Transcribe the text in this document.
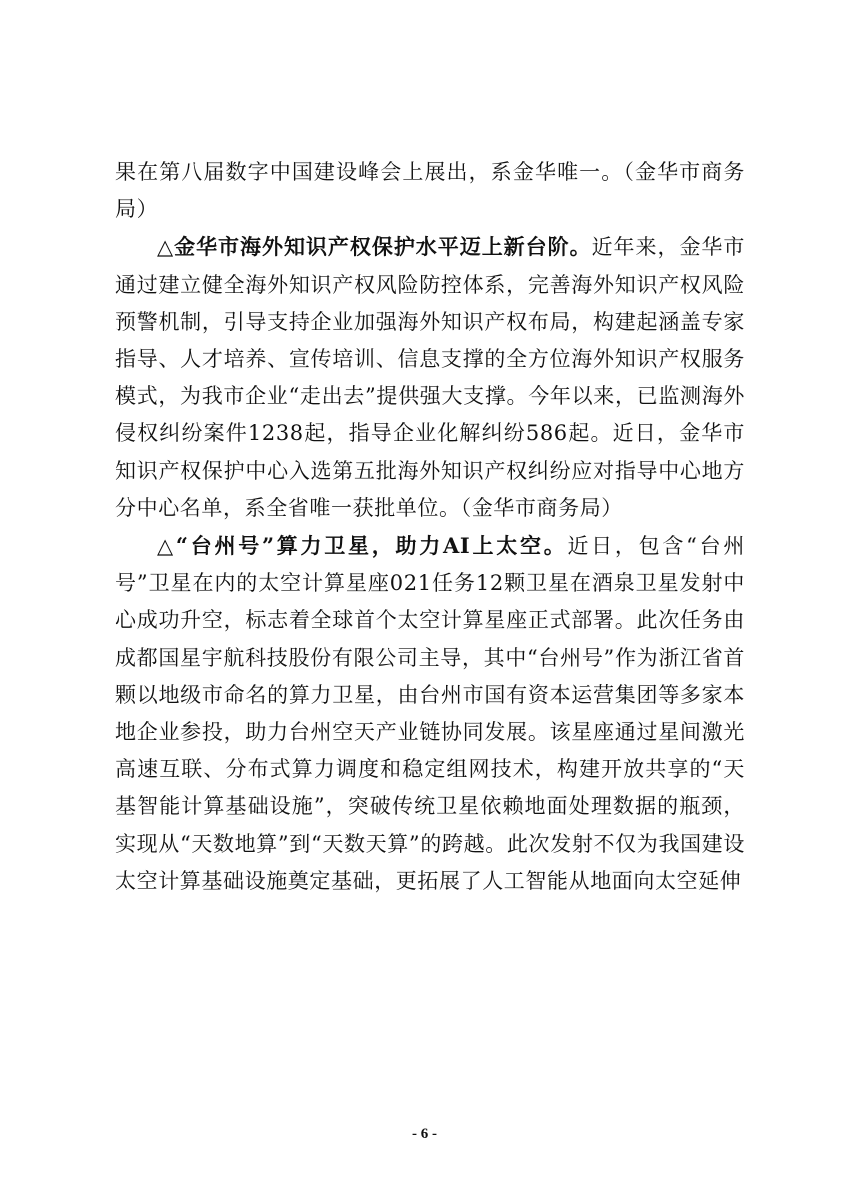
果在第八届数字中国建设峰会上展出，系金华唯一。（金华市商务局）

△金华市海外知识产权保护水平迈上新台阶。近年来，金华市通过建立健全海外知识产权风险防控体系，完善海外知识产权风险预警机制，引导支持企业加强海外知识产权布局，构建起涵盖专家指导、人才培养、宣传培训、信息支撑的全方位海外知识产权服务模式，为我市企业“走出去”提供强大支撑。今年以来，已监测海外侵权纠纷案件1238起，指导企业化解纠纷586起。近日，金华市知识产权保护中心入选第五批海外知识产权纠纷应对指导中心地方分中心名单，系全省唯一获批单位。（金华市商务局）

△“台州号”算力卫星，助力AI上太空。近日，包含“台州号”卫星在内的太空计算星座021任务12颗卫星在酒泉卫星发射中心成功升空，标志着全球首个太空计算星座正式部署。此次任务由成都国星宇航科技股份有限公司主导，其中“台州号”作为浙江省首颗以地级市命名的算力卫星，由台州市国有资本运营集团等多家本地企业参投，助力台州空天产业链协同发展。该星座通过星间激光高速互联、分布式算力调度和稳定组网技术，构建开放共享的“天基智能计算基础设施”，突破传统卫星依赖地面处理数据的瓶颈，实现从“天数地算”到“天数天算”的跨越。此次发射不仅为我国建设太空计算基础设施奠定基础，更拓展了人工智能从地面向太空延伸

- 6 -
